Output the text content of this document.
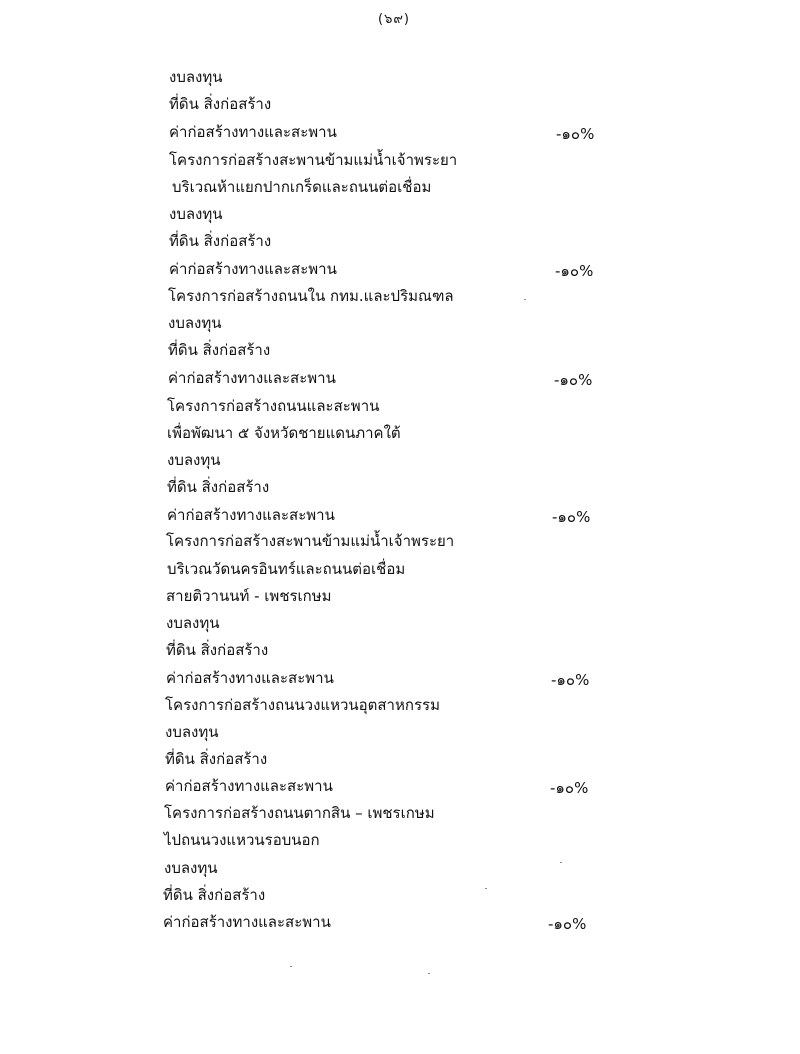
(๖๙)
งบลงทุน
ที่ดิน สิ่งก่อสร้าง
ค่าก่อสร้างทางและสะพาน
โครงการก่อสร้างสะพานข้ามแม่น้ำเจ้าพระยา
บริเวณห้าแยกปากเกร็ดและถนนต่อเชื่อม
งบลงทุน
ที่ดิน สิ่งก่อสร้าง
ค่าก่อสร้างทางและสะพาน
โครงการก่อสร้างถนนใน กทม.และปริมณฑล
งบลงทุน
ที่ดิน สิ่งก่อสร้าง
ค่าก่อสร้างทางและสะพาน
โครงการก่อสร้างถนนและสะพาน
เพื่อพัฒนา ๕ จังหวัดชายแดนภาคใต้
งบลงทุน
ที่ดิน สิ่งก่อสร้าง
ค่าก่อสร้างทางและสะพาน
โครงการก่อสร้างสะพานข้ามแม่น้ำเจ้าพระยา
บริเวณวัดนครอินทร์และถนนต่อเชื่อม
สายติวานนท์ - เพชรเกษม
งบลงทุน
ที่ดิน สิ่งก่อสร้าง
ค่าก่อสร้างทางและสะพาน
โครงการก่อสร้างถนนวงแหวนอุตสาหกรรม
งบลงทุน
ที่ดิน สิ่งก่อสร้าง
ค่าก่อสร้างทางและสะพาน
โครงการก่อสร้างถนนตากสิน – เพชรเกษม
ไปถนนวงแหวนรอบนอก
งบลงทุน
ที่ดิน สิ่งก่อสร้าง
ค่าก่อสร้างทางและสะพาน
-๑๐%
-๑๐%
-๑๐%
-๑๐%
-๑๐%
-๑๐%
-๑๐%
